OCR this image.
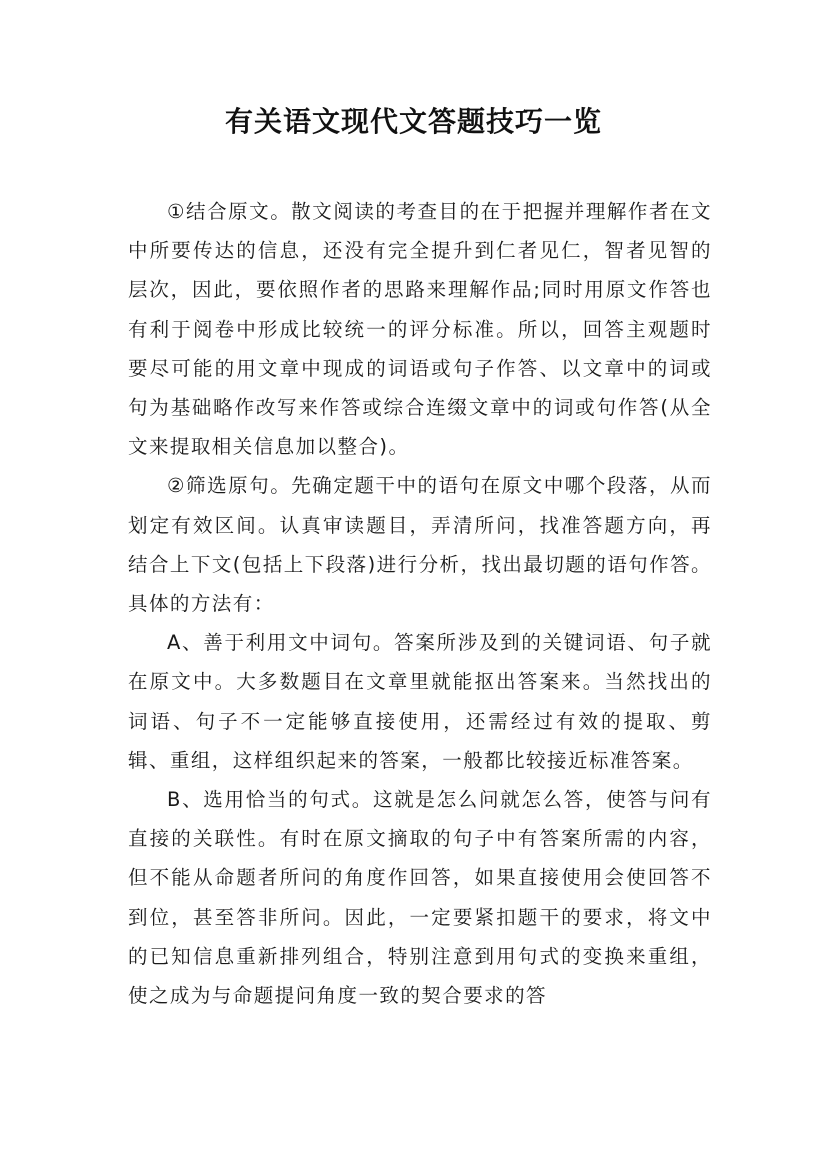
有关语文现代文答题技巧一览

①结合原文。散文阅读的考查目的在于把握并理解作者在文中所要传达的信息，还没有完全提升到仁者见仁，智者见智的层次，因此，要依照作者的思路来理解作品;同时用原文作答也有利于阅卷中形成比较统一的评分标准。所以，回答主观题时要尽可能的用文章中现成的词语或句子作答、以文章中的词或句为基础略作改写来作答或综合连缀文章中的词或句作答(从全文来提取相关信息加以整合)。

②筛选原句。先确定题干中的语句在原文中哪个段落，从而划定有效区间。认真审读题目，弄清所问，找准答题方向，再结合上下文(包括上下段落)进行分析，找出最切题的语句作答。具体的方法有：

A、善于利用文中词句。答案所涉及到的关键词语、句子就在原文中。大多数题目在文章里就能抠出答案来。当然找出的词语、句子不一定能够直接使用，还需经过有效的提取、剪辑、重组，这样组织起来的答案，一般都比较接近标准答案。

B、选用恰当的句式。这就是怎么问就怎么答，使答与问有直接的关联性。有时在原文摘取的句子中有答案所需的内容，但不能从命题者所问的角度作回答，如果直接使用会使回答不到位，甚至答非所问。因此，一定要紧扣题干的要求，将文中的已知信息重新排列组合，特别注意到用句式的变换来重组，使之成为与命题提问角度一致的契合要求的答
